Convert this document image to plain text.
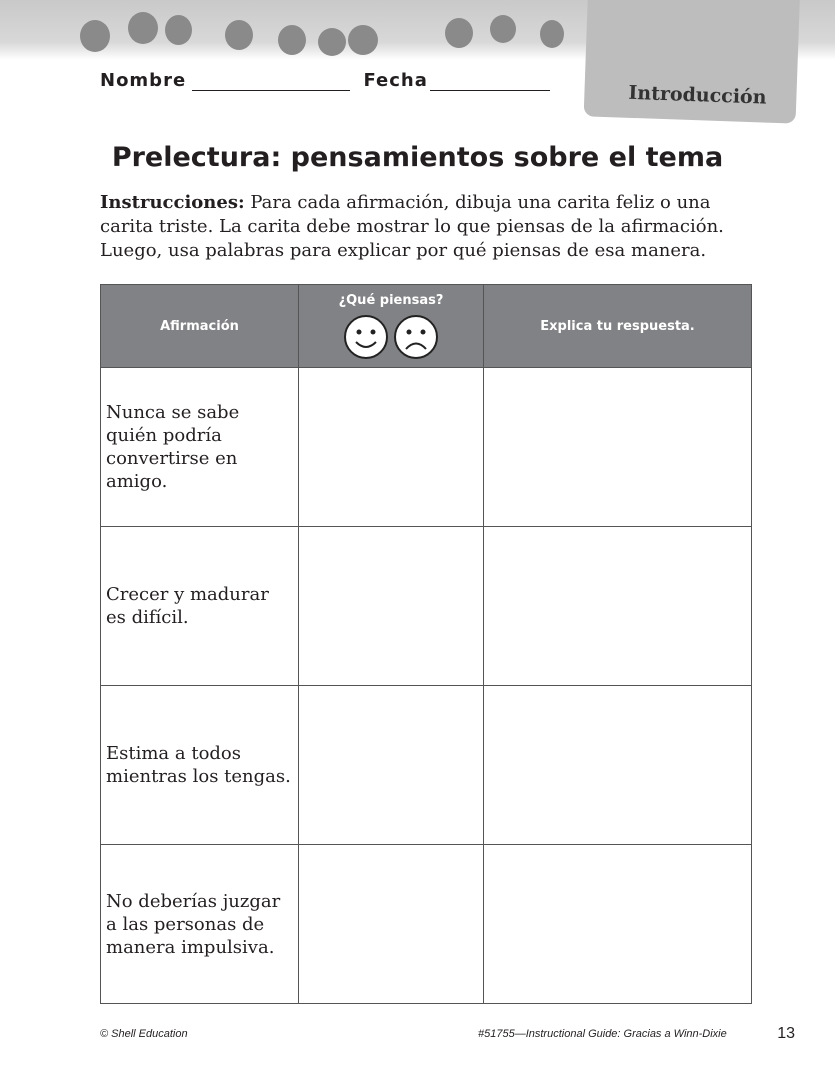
Introducción
Nombre	Fecha
Prelectura: pensamientos sobre el tema
Instrucciones: Para cada afirmación, dibuja una carita feliz o una carita triste. La carita debe mostrar lo que piensas de la afirmación. Luego, usa palabras para explicar por qué piensas de esa manera.
Afirmación	¿Qué piensas?	Explica tu respuesta.
Nunca se sabe quién podría convertirse en amigo.		
Crecer y madurar es difícil.		
Estima a todos mientras los tengas.		
No deberías juzgar a las personas de manera impulsiva.		
© Shell Education	#51755—Instructional Guide: Gracias a Winn-Dixie	13
